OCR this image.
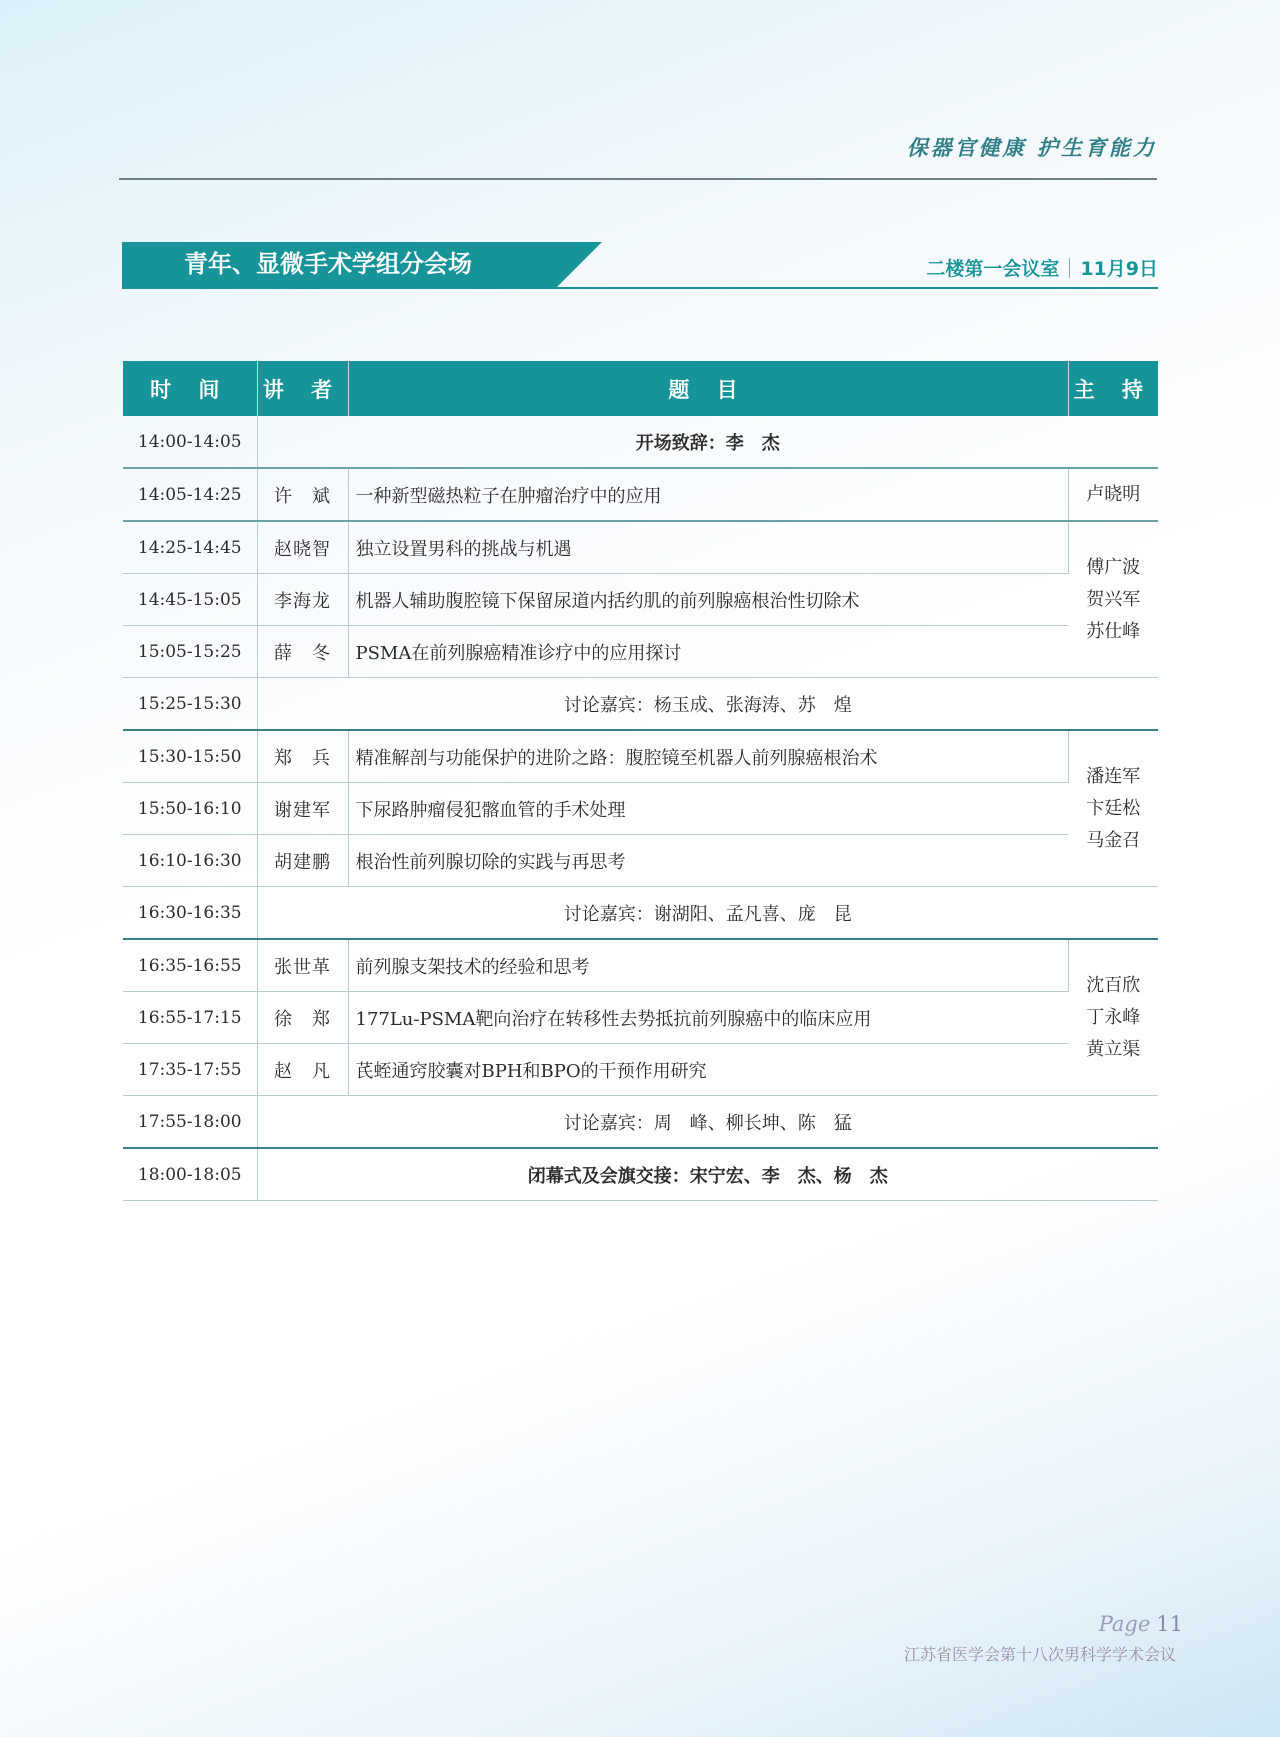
保器官健康 护生育能力
青年、显微手术学组分会场	二楼第一会议室 11月9日
时 间	讲 者	题 目	主 持
14:00-14:05	开场致辞：李　杰		
14:05-14:25	许　斌	一种新型磁热粒子在肿瘤治疗中的应用	卢晓明
14:25-14:45	赵晓智	独立设置男科的挑战与机遇	傅广波
贺兴军
苏仕峰
14:45-15:05	李海龙	机器人辅助腹腔镜下保留尿道内括约肌的前列腺癌根治性切除术	
15:05-15:25	薛　冬	PSMA在前列腺癌精准诊疗中的应用探讨	
15:25-15:30	讨论嘉宾：杨玉成、张海涛、苏　煌		
15:30-15:50	郑　兵	精准解剖与功能保护的进阶之路：腹腔镜至机器人前列腺癌根治术	潘连军
卞廷松
马金召
15:50-16:10	谢建军	下尿路肿瘤侵犯髂血管的手术处理	
16:10-16:30	胡建鹏	根治性前列腺切除的实践与再思考	
16:30-16:35	讨论嘉宾：谢湖阳、孟凡喜、庞　昆		
16:35-16:55	张世革	前列腺支架技术的经验和思考	沈百欣
丁永峰
黄立渠
16:55-17:15	徐　郑	177Lu-PSMA靶向治疗在转移性去势抵抗前列腺癌中的临床应用	
17:35-17:55	赵　凡	芪蛭通窍胶囊对BPH和BPO的干预作用研究	
17:55-18:00	讨论嘉宾：周　峰、柳长坤、陈　猛		
18:00-18:05	闭幕式及会旗交接：宋宁宏、李　杰、杨　杰		
Page 11
江苏省医学会第十八次男科学学术会议
